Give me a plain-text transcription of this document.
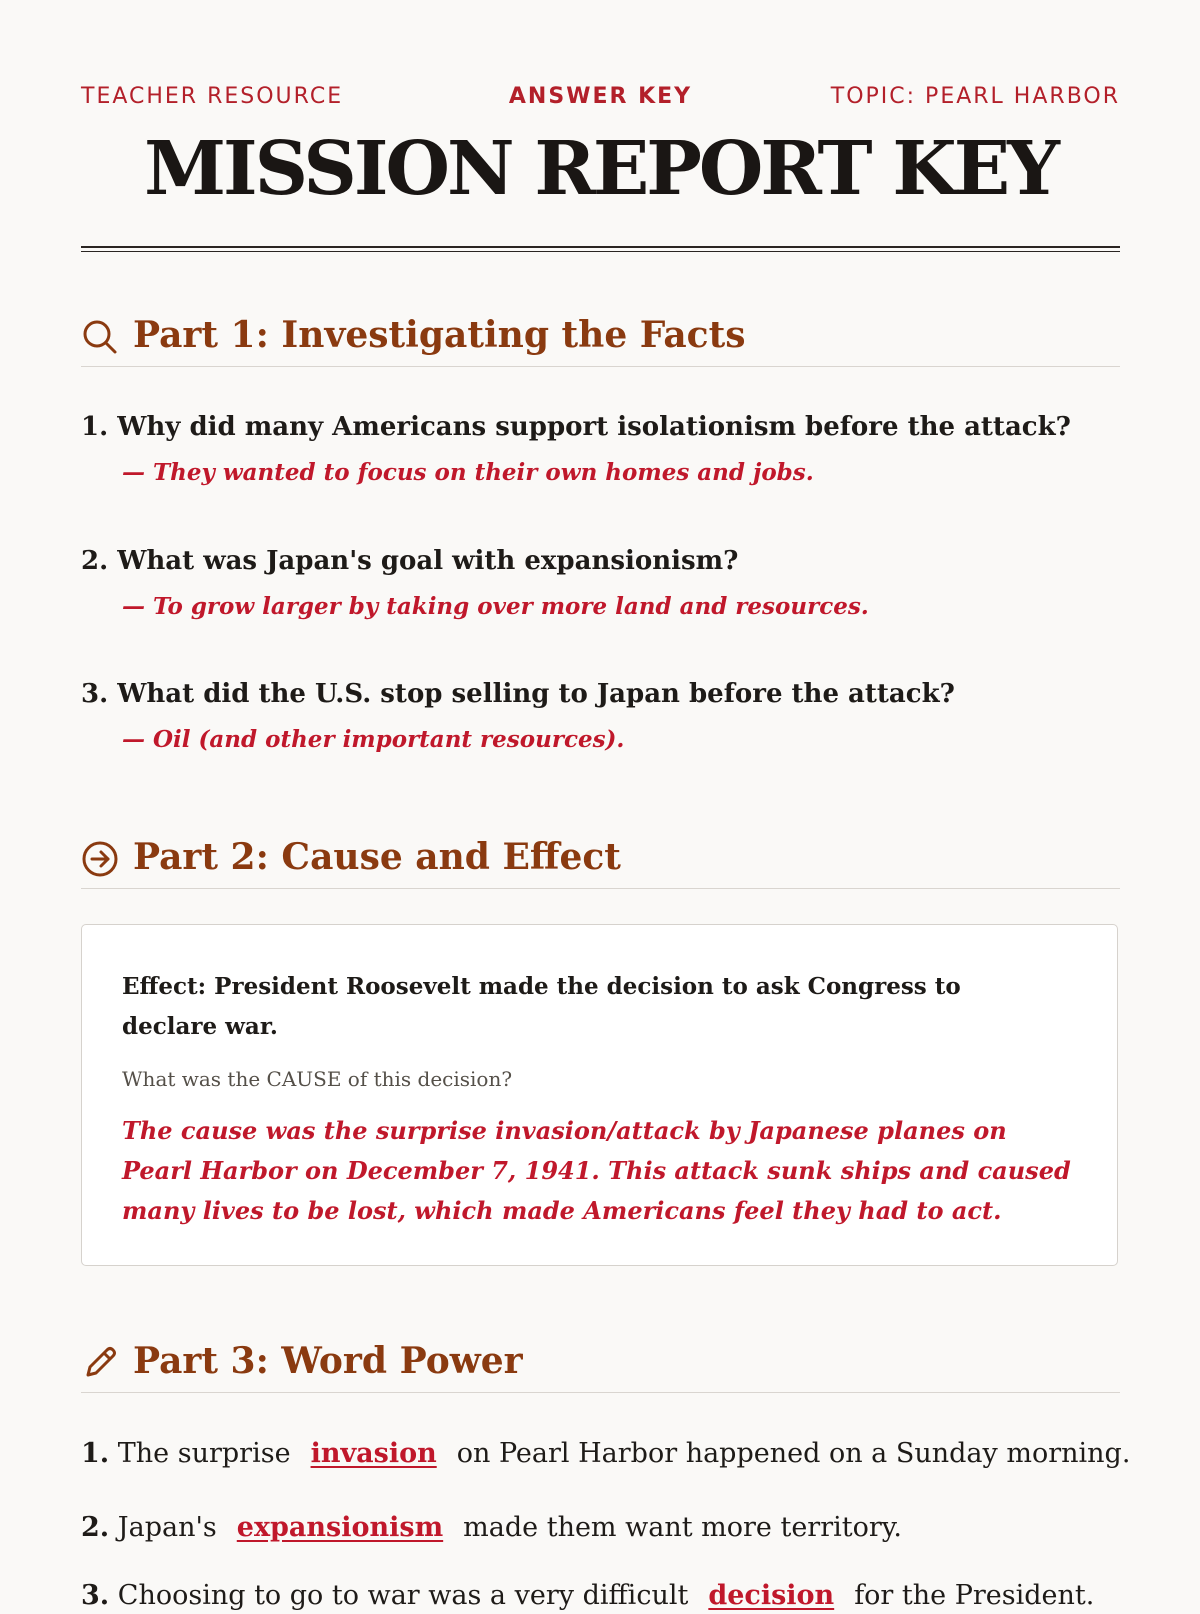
TEACHER RESOURCE	ANSWER KEY	TOPIC: PEARL HARBOR
MISSION REPORT KEY
Part 1: Investigating the Facts
1. Why did many Americans support isolationism before the attack?
— They wanted to focus on their own homes and jobs.
2. What was Japan's goal with expansionism?
— To grow larger by taking over more land and resources.
3. What did the U.S. stop selling to Japan before the attack?
— Oil (and other important resources).
Part 2: Cause and Effect
Effect: President Roosevelt made the decision to ask Congress to declare war.
What was the CAUSE of this decision?
The cause was the surprise invasion/attack by Japanese planes on Pearl Harbor on December 7, 1941. This attack sunk ships and caused many lives to be lost, which made Americans feel they had to act.
Part 3: Word Power
1. The surprise invasion on Pearl Harbor happened on a Sunday morning.
2. Japan's expansionism made them want more territory.
3. Choosing to go to war was a very difficult decision for the President.
